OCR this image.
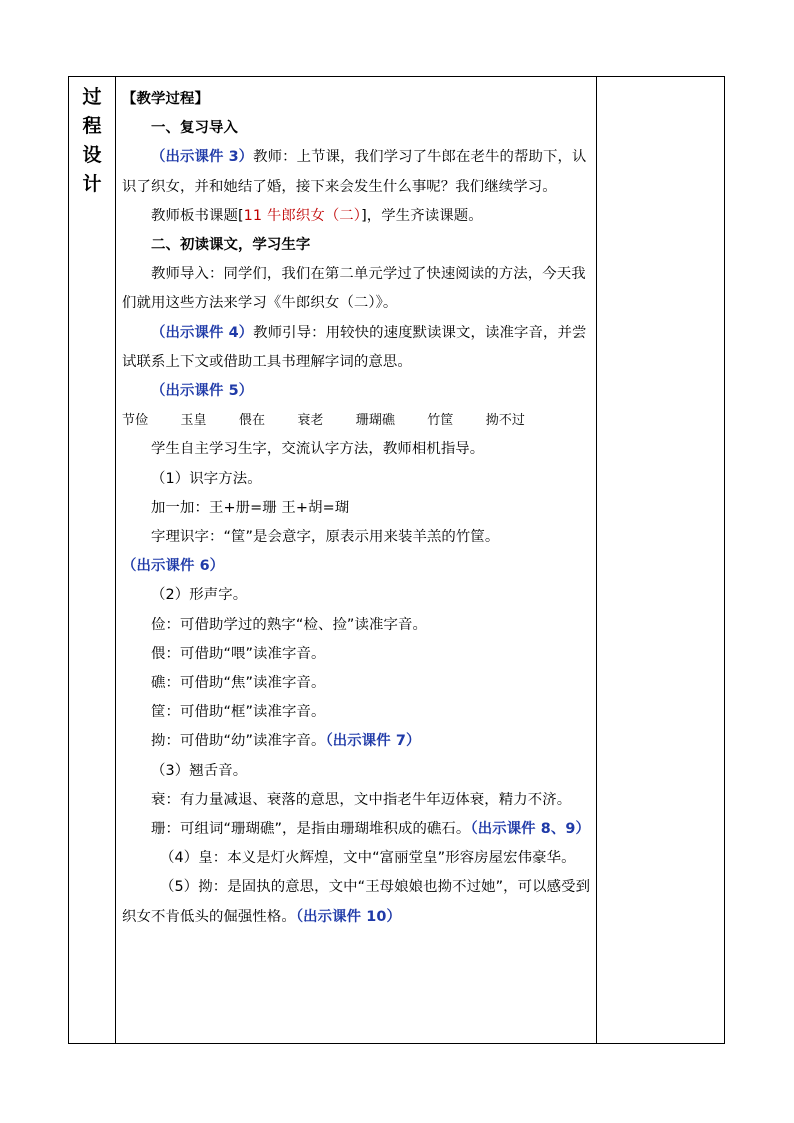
过
程
设
计

【教学过程】

一、复习导入

（出示课件 3）教师：上节课，我们学习了牛郎在老牛的帮助下，认识了织女，并和她结了婚，接下来会发生什么事呢？我们继续学习。

教师板书课题[11 牛郎织女（二）]，学生齐读课题。

二、初读课文，学习生字

教师导入：同学们，我们在第二单元学过了快速阅读的方法，今天我们就用这些方法来学习《牛郎织女（二）》。

（出示课件 4）教师引导：用较快的速度默读课文，读准字音，并尝试联系上下文或借助工具书理解字词的意思。

（出示课件 5）

节俭 玉皇 偎在 衰老 珊瑚礁 竹筐 拗不过

学生自主学习生字，交流认字方法，教师相机指导。

（1）识字方法。

加一加：王+册=珊 王+胡=瑚

字理识字：“筐”是会意字，原表示用来装羊羔的竹筐。（出示课件 6）

（2）形声字。

俭：可借助学过的熟字“检、捡”读准字音。

偎：可借助“喂”读准字音。

礁：可借助“焦”读准字音。

筐：可借助“框”读准字音。

拗：可借助“幼”读准字音。（出示课件 7）

（3）翘舌音。

衰：有力量减退、衰落的意思，文中指老牛年迈体衰，精力不济。

珊：可组词“珊瑚礁”，是指由珊瑚堆积成的礁石。（出示课件 8、9）

（4）皇：本义是灯火辉煌，文中“富丽堂皇”形容房屋宏伟豪华。

（5）拗：是固执的意思，文中“王母娘娘也拗不过她”，可以感受到织女不肯低头的倔强性格。（出示课件 10）
